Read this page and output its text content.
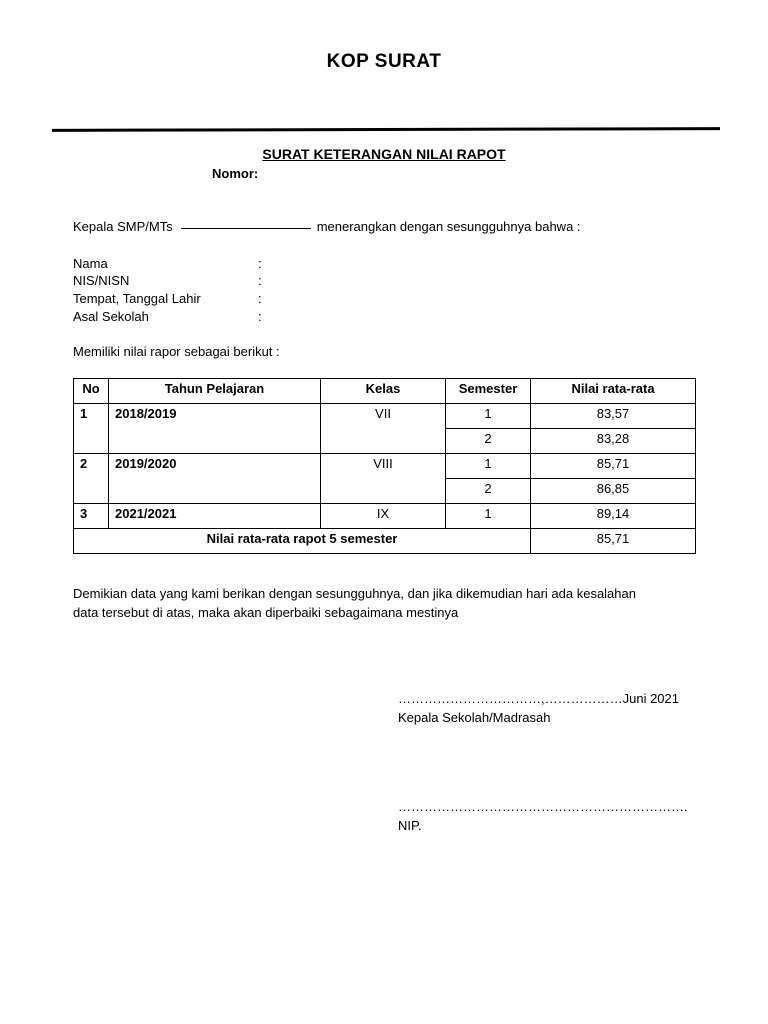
KOP SURAT
SURAT KETERANGAN NILAI RAPOT
Nomor:
Kepala SMP/MTs	menerangkan dengan sesungguhnya bahwa :
Nama	:
NIS/NISN	:
Tempat, Tanggal Lahir	:
Asal Sekolah	:
Memiliki nilai rapor sebagai berikut :
No	Tahun Pelajaran	Kelas	Semester	Nilai rata-rata
1	2018/2019	VII	1	83,57
			2	83,28
2	2019/2020	VIII	1	85,71
			2	86,85
3	2021/2021	IX	1	89,14
Nilai rata-rata rapot 5 semester				85,71
Demikian data yang kami berikan dengan sesungguhnya, dan jika dikemudian hari ada kesalahan
data tersebut di atas, maka akan diperbaiki sebagaimana mestinya
……………………………,………………Juni 2021
Kepala Sekolah/Madrasah
………………………………………………………….
NIP.
